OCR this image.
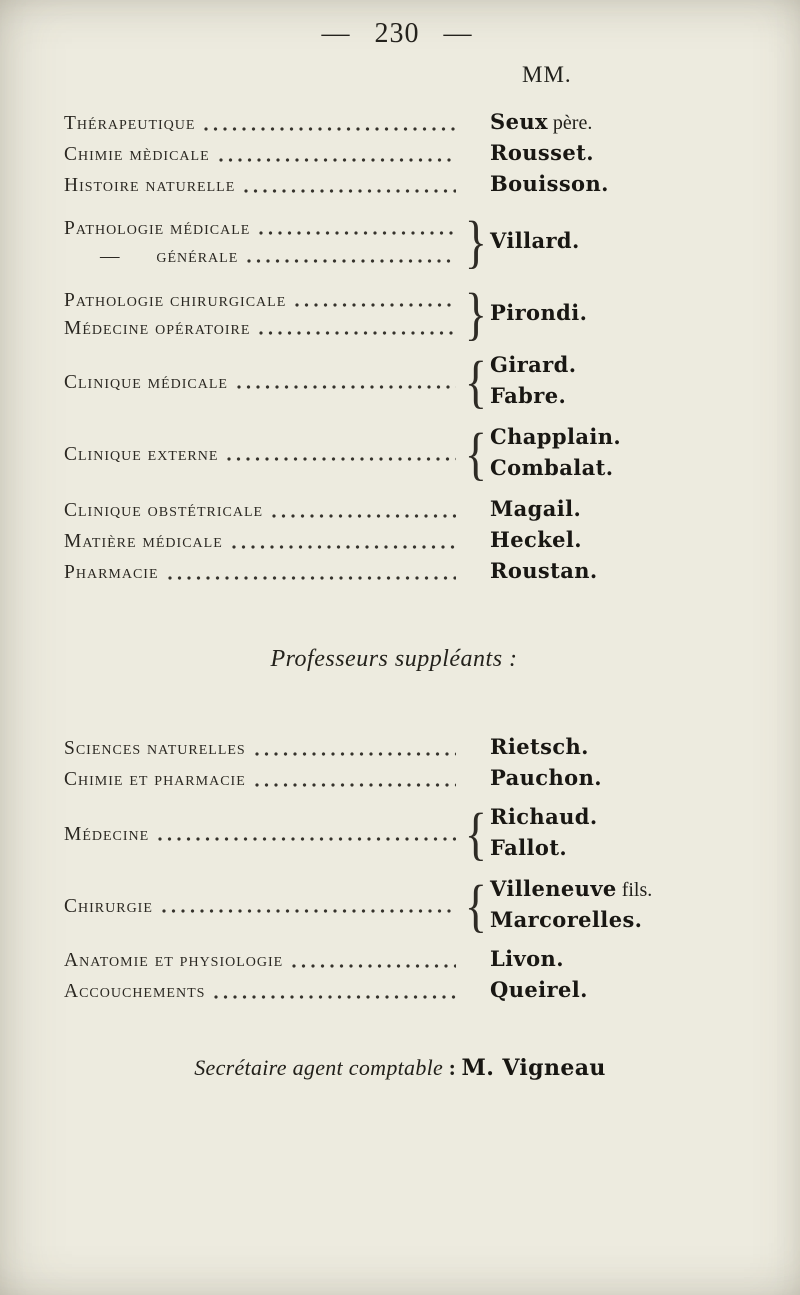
— 230 —
MM.
Thérapeutique	Seux père.
Chimie mèdicale	Rousset.
Histoire naturelle	Bouisson.
Pathologie médicale
— générale	} Villard.
Pathologie chirurgicale
Médecine opératoire	} Pirondi.
Clinique médicale	{ Girard.
Fabre.
Clinique externe	{ Chapplain.
Combalat.
Clinique obstétricale	Magail.
Matière médicale	Heckel.
Pharmacie	Roustan.
Professeurs suppléants :
Sciences naturelles	Rietsch.
Chimie et pharmacie	Pauchon.
Médecine	{ Richaud.
Fallot.
Chirurgie	{ Villeneuve fils.
Marcorelles.
Anatomie et physiologie	Livon.
Accouchements	Queirel.
Secrétaire agent comptable : M. Vigneau
